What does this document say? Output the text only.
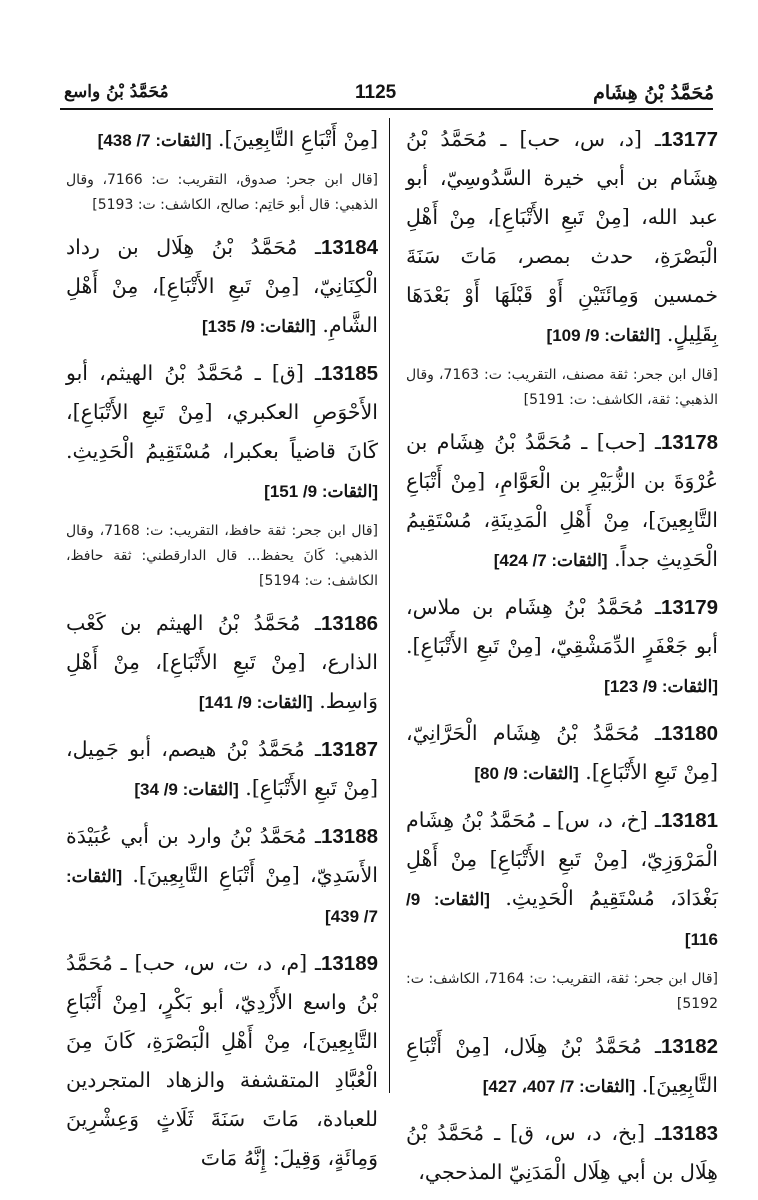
مُحَمَّدُ بْنُ هِشَام
1125
مُحَمَّدُ بْنُ واسع

13177ـ [د، س، حب] ـ مُحَمَّدُ بْنُ هِشَام بن أبي خيرة السَّدُوسِيّ، أبو عبد الله، [مِنْ تَبعِ الأَتْبَاعِ]، مِنْ أَهْلِ الْبَصْرَةِ، حدث بمصر، مَاتَ سَنَةَ خمسين وَمِائَتَيْنِ أَوْ قَبْلَهَا أَوْ بَعْدَهَا بِقَلِيلٍ. [الثقات: 9/ 109]

[قال ابن جحر: ثقة مصنف، التقريب: ت: 7163، وقال الذهبي: ثقة، الكاشف: ت: 5191]

13178ـ [حب] ـ مُحَمَّدُ بْنُ هِشَام بن عُرْوَةَ بن الزُّبَيْرِ بن الْعَوَّامِ، [مِنْ أَتْبَاعِ التَّابِعِينَ]، مِنْ أَهْلِ الْمَدِينَةِ، مُسْتَقِيمُ الْحَدِيثِ جداً. [الثقات: 7/ 424]

13179ـ مُحَمَّدُ بْنُ هِشَام بن ملاس، أبو جَعْفَرٍ الدِّمَشْقِيّ، [مِنْ تَبعِ الأَتْبَاعِ]. [الثقات: 9/ 123]

13180ـ مُحَمَّدُ بْنُ هِشَام الْحَرَّانِيّ، [مِنْ تَبعِ الأَتْبَاعِ]. [الثقات: 9/ 80]

13181ـ [خ، د، س] ـ مُحَمَّدُ بْنُ هِشَام الْمَرْوَزِيّ، [مِنْ تَبعِ الأَتْبَاعِ] مِنْ أَهْلِ بَغْدَادَ، مُسْتَقِيمُ الْحَدِيثِ. [الثقات: 9/ 116]

[قال ابن جحر: ثقة، التقريب: ت: 7164، الكاشف: ت: 5192]

13182ـ مُحَمَّدُ بْنُ هِلَال، [مِنْ أَتْبَاعِ التَّابِعِينَ]. [الثقات: 7/ 407، 427]

13183ـ [بخ، د، س، ق] ـ مُحَمَّدُ بْنُ هِلَال بن أبي هِلَال الْمَدَنِيّ المذحجي،

[مِنْ أَتْبَاعِ التَّابِعِينَ]. [الثقات: 7/ 438]

[قال ابن جحر: صدوق، التقريب: ت: 7166، وقال الذهبي: قال أبو حَاتِم: صالح، الكاشف: ت: 5193]

13184ـ مُحَمَّدُ بْنُ هِلَال بن رداد الْكِنَانِيّ، [مِنْ تَبعِ الأَتْبَاعِ]، مِنْ أَهْلِ الشَّامِ. [الثقات: 9/ 135]

13185ـ [ق] ـ مُحَمَّدُ بْنُ الهيثم، أبو الأَحْوَصِ العكبري، [مِنْ تَبعِ الأَتْبَاعِ]، كَانَ قاضياً بعكبرا، مُسْتَقِيمُ الْحَدِيثِ. [الثقات: 9/ 151]

[قال ابن جحر: ثقة حافظ، التقريب: ت: 7168، وقال الذهبي: كَانَ يحفظ... قال الدارقطني: ثقة حافظ، الكاشف: ت: 5194]

13186ـ مُحَمَّدُ بْنُ الهيثم بن كَعْب الذارع، [مِنْ تَبعِ الأَتْبَاعِ]، مِنْ أَهْلِ وَاسِط. [الثقات: 9/ 141]

13187ـ مُحَمَّدُ بْنُ هيصم، أبو جَمِيل، [مِنْ تَبعِ الأَتْبَاعِ]. [الثقات: 9/ 34]

13188ـ مُحَمَّدُ بْنُ وارد بن أبي عُبَيْدَة الأَسَدِيّ، [مِنْ أَتْبَاعِ التَّابِعِينَ]. [الثقات: 7/ 439]

13189ـ [م، د، ت، س، حب] ـ مُحَمَّدُ بْنُ واسع الأَزْدِيّ، أبو بَكْرٍ، [مِنْ أَتْبَاعِ التَّابِعِينَ]، مِنْ أَهْلِ الْبَصْرَةِ، كَانَ مِنَ الْعُبَّادِ المتقشفة والزهاد المتجردين للعبادة، مَاتَ سَنَةَ ثَلَاثٍ وَعِشْرِينَ وَمِائَةٍ، وَقِيلَ: إِنَّهُ مَاتَ
